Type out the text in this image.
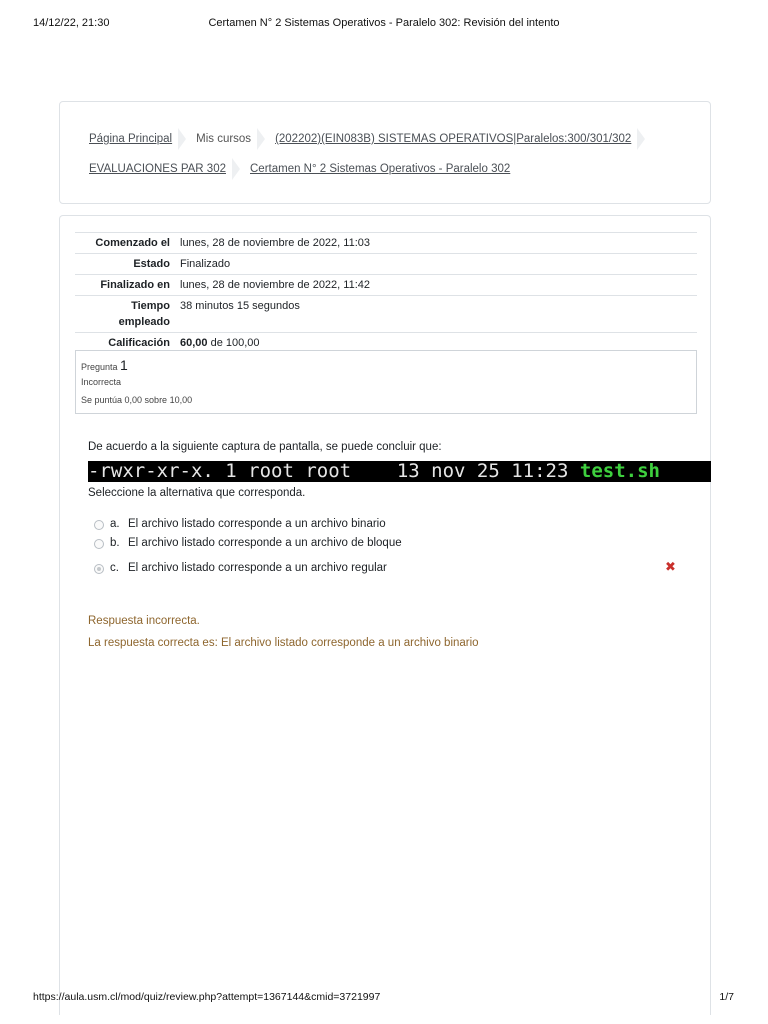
14/12/22, 21:30	Certamen N° 2 Sistemas Operativos - Paralelo 302: Revisión del intento
Página Principal Mis cursos (202202)(EIN083B) SISTEMAS OPERATIVOS|Paralelos:300/301/302
EVALUACIONES PAR 302 Certamen N° 2 Sistemas Operativos - Paralelo 302
Comenzado el	lunes, 28 de noviembre de 2022, 11:03
Estado	Finalizado
Finalizado en	lunes, 28 de noviembre de 2022, 11:42
Tiempo empleado	38 minutos 15 segundos
Calificación	60,00 de 100,00
Pregunta 1
Incorrecta
Se puntúa 0,00 sobre 10,00
De acuerdo a la siguiente captura de pantalla, se puede concluir que:
-rwxr-xr-x. 1 root root    13 nov 25 11:23 test.sh
Seleccione la alternativa que corresponda.
a. El archivo listado corresponde a un archivo binario
b. El archivo listado corresponde a un archivo de bloque
c. El archivo listado corresponde a un archivo regular	✖
Respuesta incorrecta.
La respuesta correcta es: El archivo listado corresponde a un archivo binario
https://aula.usm.cl/mod/quiz/review.php?attempt=1367144&cmid=3721997	1/7
